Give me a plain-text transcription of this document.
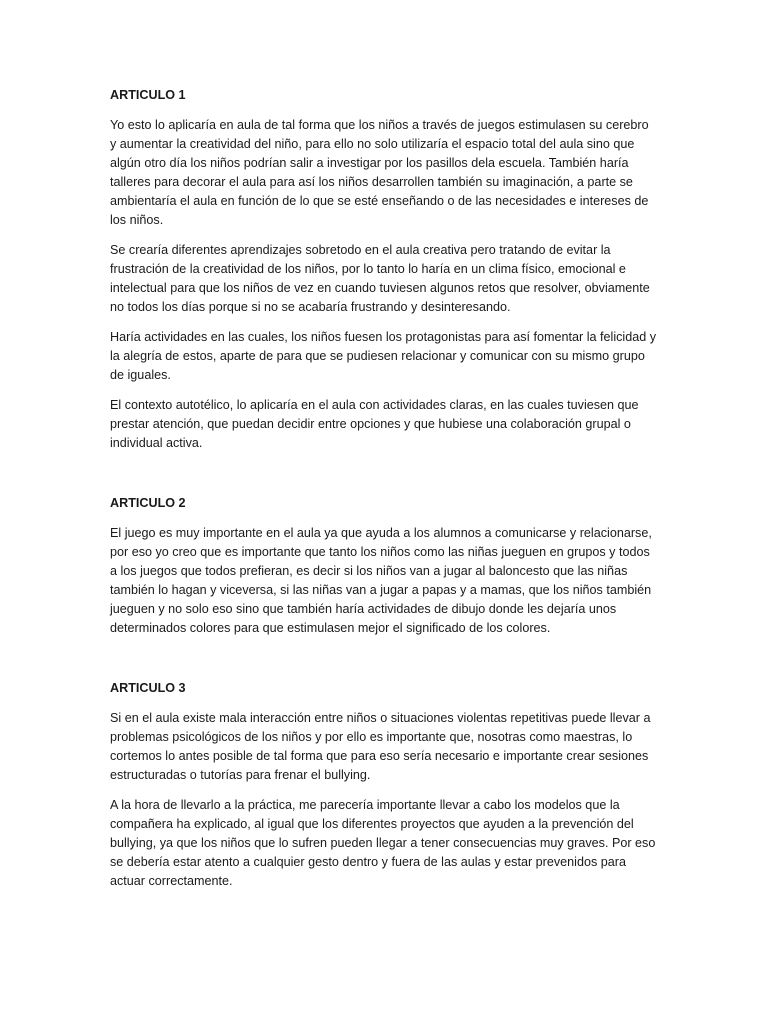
ARTICULO 1

Yo esto lo aplicaría en aula de tal forma que los niños a través de juegos estimulasen su cerebro y aumentar la creatividad del niño, para ello no solo utilizaría el espacio total del aula sino que algún otro día los niños podrían salir a investigar por los pasillos dela escuela. También haría talleres para decorar el aula para así los niños desarrollen también su imaginación, a parte se ambientaría el aula en función de lo que se esté enseñando o de las necesidades e intereses de los niños.

Se crearía diferentes aprendizajes sobretodo en el aula creativa pero tratando de evitar la frustración de la creatividad de los niños, por lo tanto lo haría en un clima físico, emocional e intelectual para que los niños de vez en cuando tuviesen algunos retos que resolver, obviamente no todos los días porque si no se acabaría frustrando y desinteresando.

Haría actividades en las cuales, los niños fuesen los protagonistas para así fomentar la felicidad y la alegría de estos, aparte de para que se pudiesen relacionar y comunicar con su mismo grupo de iguales.

El contexto autotélico, lo aplicaría en el aula con actividades claras, en las cuales tuviesen que prestar atención, que puedan decidir entre opciones y que hubiese una colaboración grupal o individual activa.

ARTICULO 2

El juego es muy importante en el aula ya que ayuda a los alumnos a comunicarse y relacionarse, por eso yo creo que es importante que tanto los niños como las niñas jueguen en grupos y todos a los juegos que todos prefieran, es decir si los niños van a jugar al baloncesto que las niñas también lo hagan y viceversa, si las niñas van a jugar a papas y a mamas, que los niños también jueguen y no solo eso sino que también haría actividades de dibujo donde les dejaría unos determinados colores para que estimulasen mejor el significado de los colores.

ARTICULO 3

Si en el aula existe mala interacción entre niños o situaciones violentas repetitivas puede llevar a problemas psicológicos de los niños y por ello es importante que, nosotras como maestras, lo cortemos lo antes posible de tal forma que para eso sería necesario e importante crear sesiones estructuradas o tutorías para frenar el bullying.

A la hora de llevarlo a la práctica, me parecería importante llevar a cabo los modelos que la compañera ha explicado, al igual que los diferentes proyectos que ayuden a la prevención del bullying, ya que los niños que lo sufren pueden llegar a tener consecuencias muy graves. Por eso se debería estar atento a cualquier gesto dentro y fuera de las aulas y estar prevenidos para actuar correctamente.
